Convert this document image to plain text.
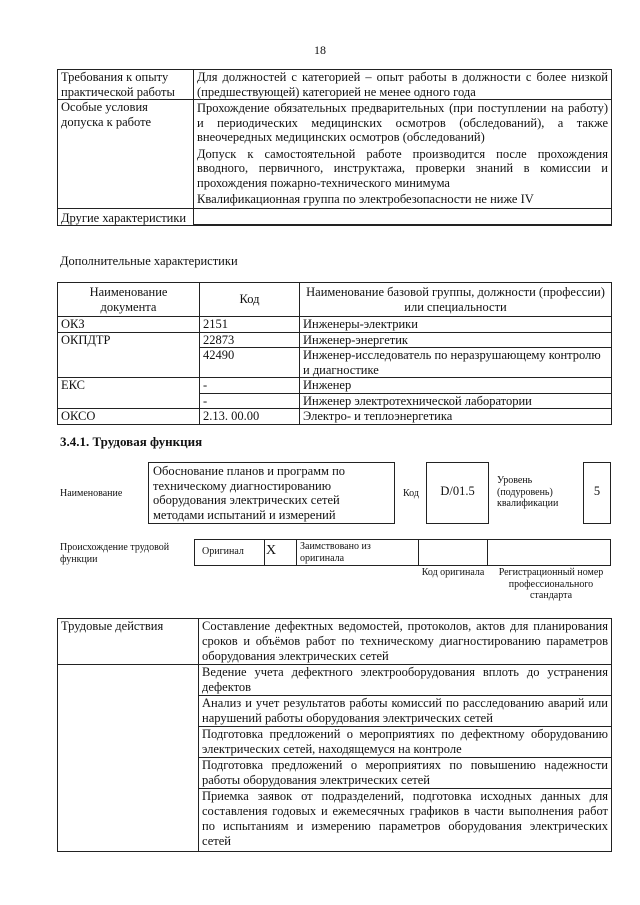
18
Требования к опыту практической работы	Для должностей с категорией – опыт работы в должности с более низкой (предшествующей) категорией не менее одного года
Особые условия допуска к работе	Прохождение обязательных предварительных (при поступлении на работу) и периодических медицинских осмотров (обследований), а также внеочередных медицинских осмотров (обследований)
Допуск к самостоятельной работе производится после прохождения вводного, первичного, инструктажа, проверки знаний в комиссии и прохождения пожарно-технического минимума
Квалификационная группа по электробезопасности не ниже IV

Другие характеристики	
Дополнительные характеристики
Наименование документа	Код	Наименование базовой группы, должности (профессии) или специальности
ОКЗ	2151	Инженеры-электрики
ОКПДТР	22873	Инженер-энергетик
	42490	Инженер-исследователь по неразрушающему контролю и диагностике
ЕКС	-	Инженер
	-	Инженер электротехнической лаборатории
ОКСО	2.13. 00.00	Электро- и теплоэнергетика
3.4.1. Трудовая функция
Наименование
Обоснование планов и программ по техническому диагностированию оборудования электрических сетей методами испытаний и измерений
Код	D/01.5
Уровень (подуровень) квалификации
5
Происхождение трудовой функции
Оригинал X Заимствовано из оригинала
Код оригинала	Регистрационный номер профессионального стандарта
Трудовые действия	Составление дефектных ведомостей, протоколов, актов для планирования сроков и объёмов работ по техническому диагностированию параметров оборудования электрических сетей
	Ведение учета дефектного электрооборудования вплоть до устранения дефектов
	Анализ и учет результатов работы комиссий по расследованию аварий или нарушений работы оборудования электрических сетей
	Подготовка предложений о мероприятиях по дефектному оборудованию электрических сетей, находящемуся на контроле
	Подготовка предложений о мероприятиях по повышению надежности работы оборудования электрических сетей
	Приемка заявок от подразделений, подготовка исходных данных для составления годовых и ежемесячных графиков в части выполнения работ по испытаниям и измерению параметров оборудования электрических сетей
